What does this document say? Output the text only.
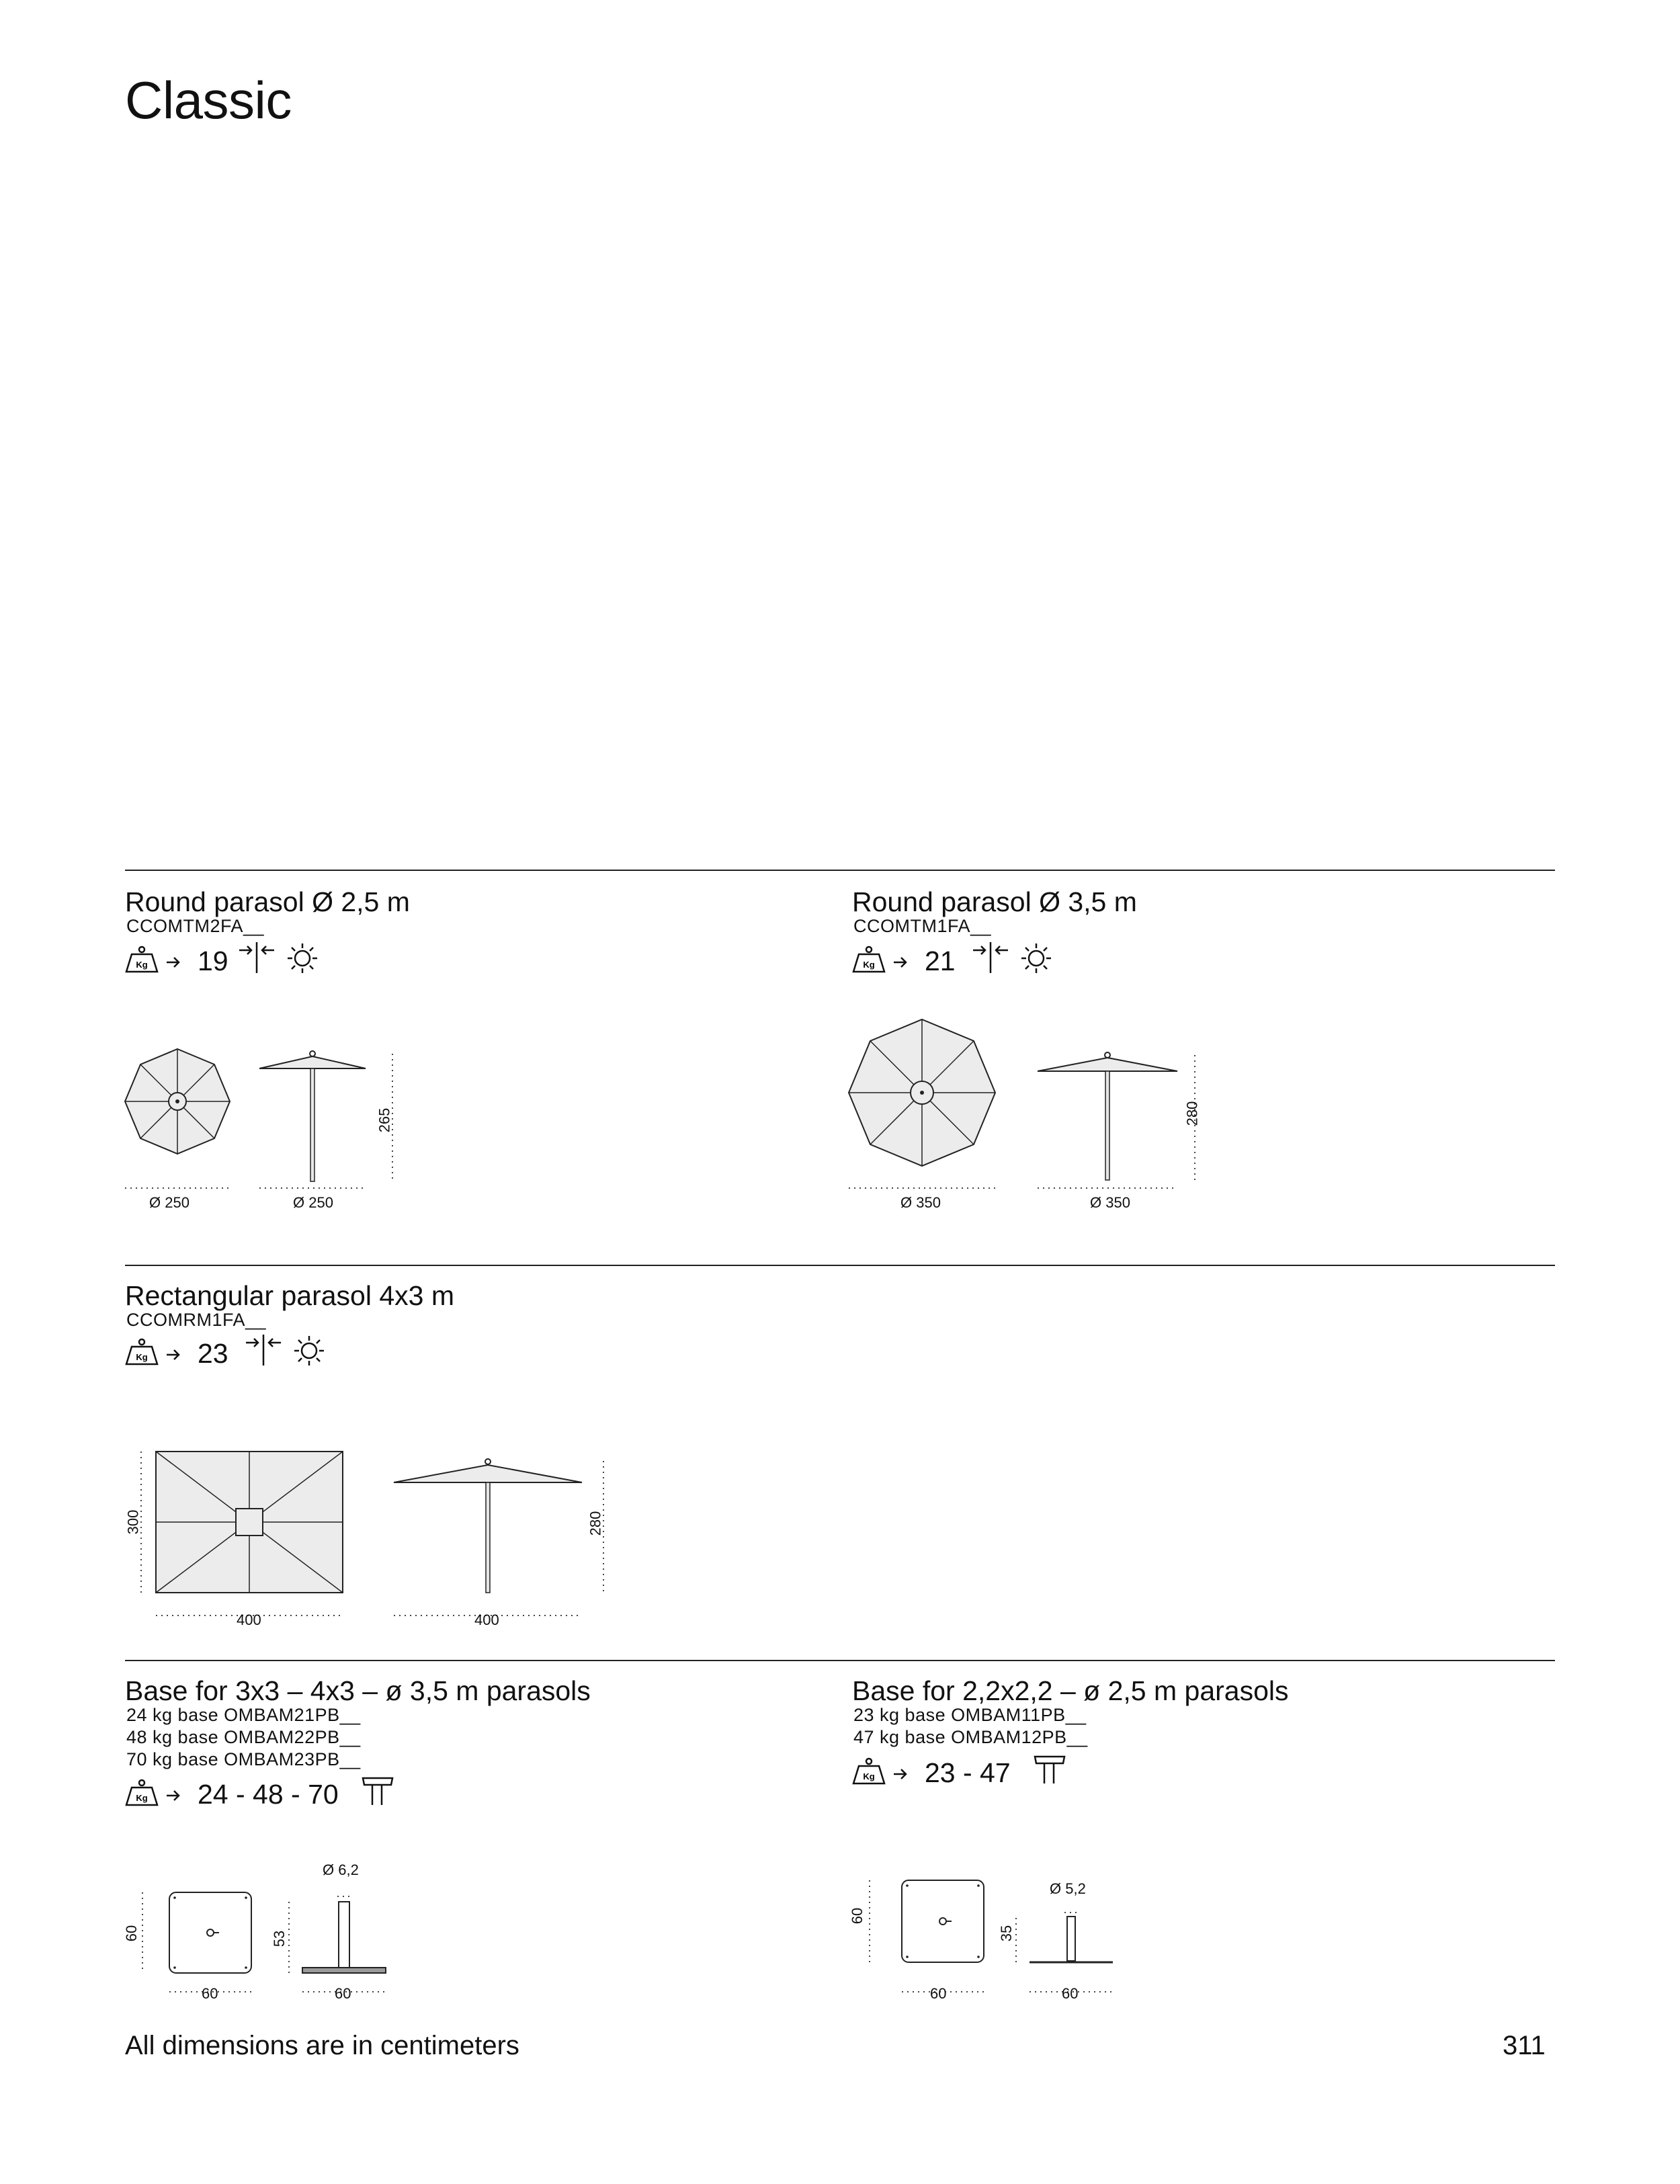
Classic
Round parasol Ø 2,5 m
CCOMTM2FA__
Kg 19
Ø 250	Ø 250
265
Round parasol Ø 3,5 m
CCOMTM1FA__
Kg 21
Ø 350	Ø 350
280
Rectangular parasol 4x3 m
CCOMRM1FA__
Kg 23
400	400
300	280
Base for 3x3 – 4x3 – ø 3,5 m parasols
24 kg base OMBAM21PB__
48 kg base OMBAM22PB__
70 kg base OMBAM23PB__
Kg 24 - 48 - 70
60	60
Ø 6,2
60	53
Base for 2,2x2,2 – ø 2,5 m parasols
23 kg base OMBAM11PB__
47 kg base OMBAM12PB__
Kg 23 - 47
60	60
Ø 5,2
60
35
All dimensions are in centimeters	311
